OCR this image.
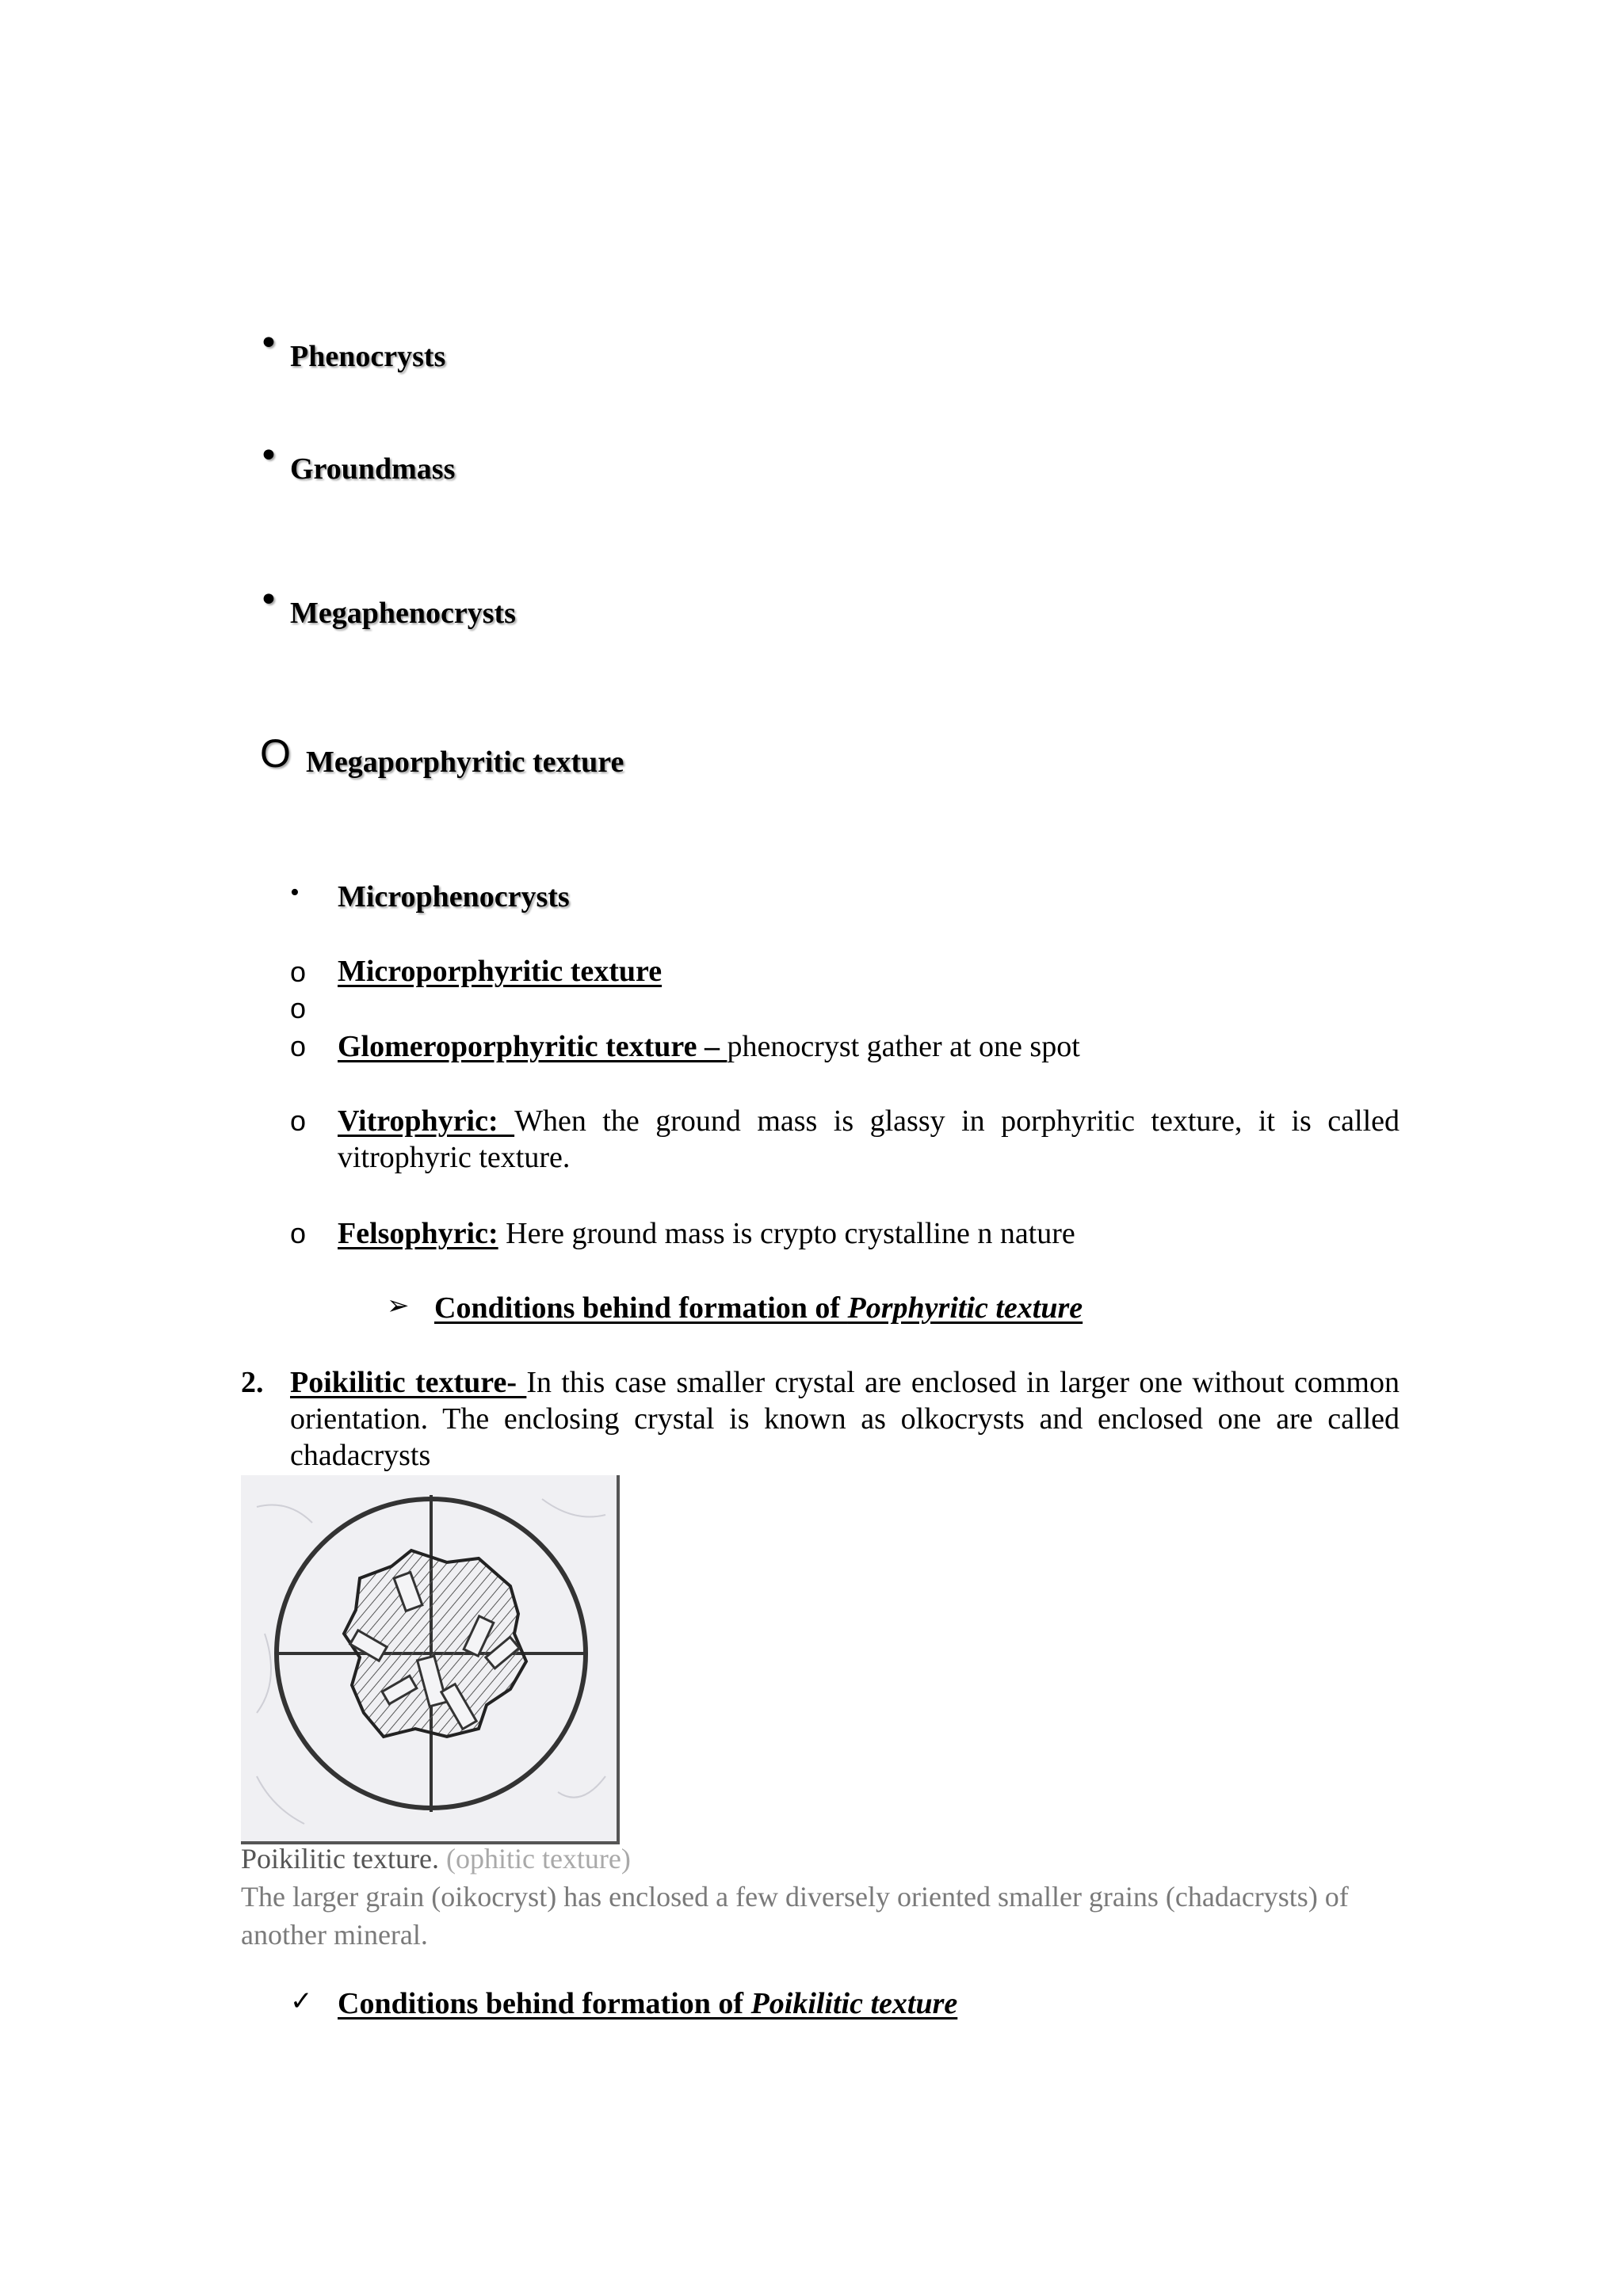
• Phenocrysts
• Groundmass
• Megaphenocrysts
O Megaporphyritic texture
• Microphenocrysts
o Microporphyritic texture
o
o Glomeroporphyritic texture – phenocryst gather at one spot
o Vitrophyric: When the ground mass is glassy in porphyritic texture, it is called vitrophyric texture.
o Felsophyric: Here ground mass is crypto crystalline n nature
➢ Conditions behind formation of Porphyritic texture
2. Poikilitic texture- In this case smaller crystal are enclosed in larger one without common orientation. The enclosing crystal is known as olkocrysts and enclosed one are called chadacrysts
Poikilitic texture. (ophitic texture)
The larger grain (oikocryst) has enclosed a few diversely oriented smaller grains (chadacrysts) of another mineral.
✓ Conditions behind formation of Poikilitic texture
